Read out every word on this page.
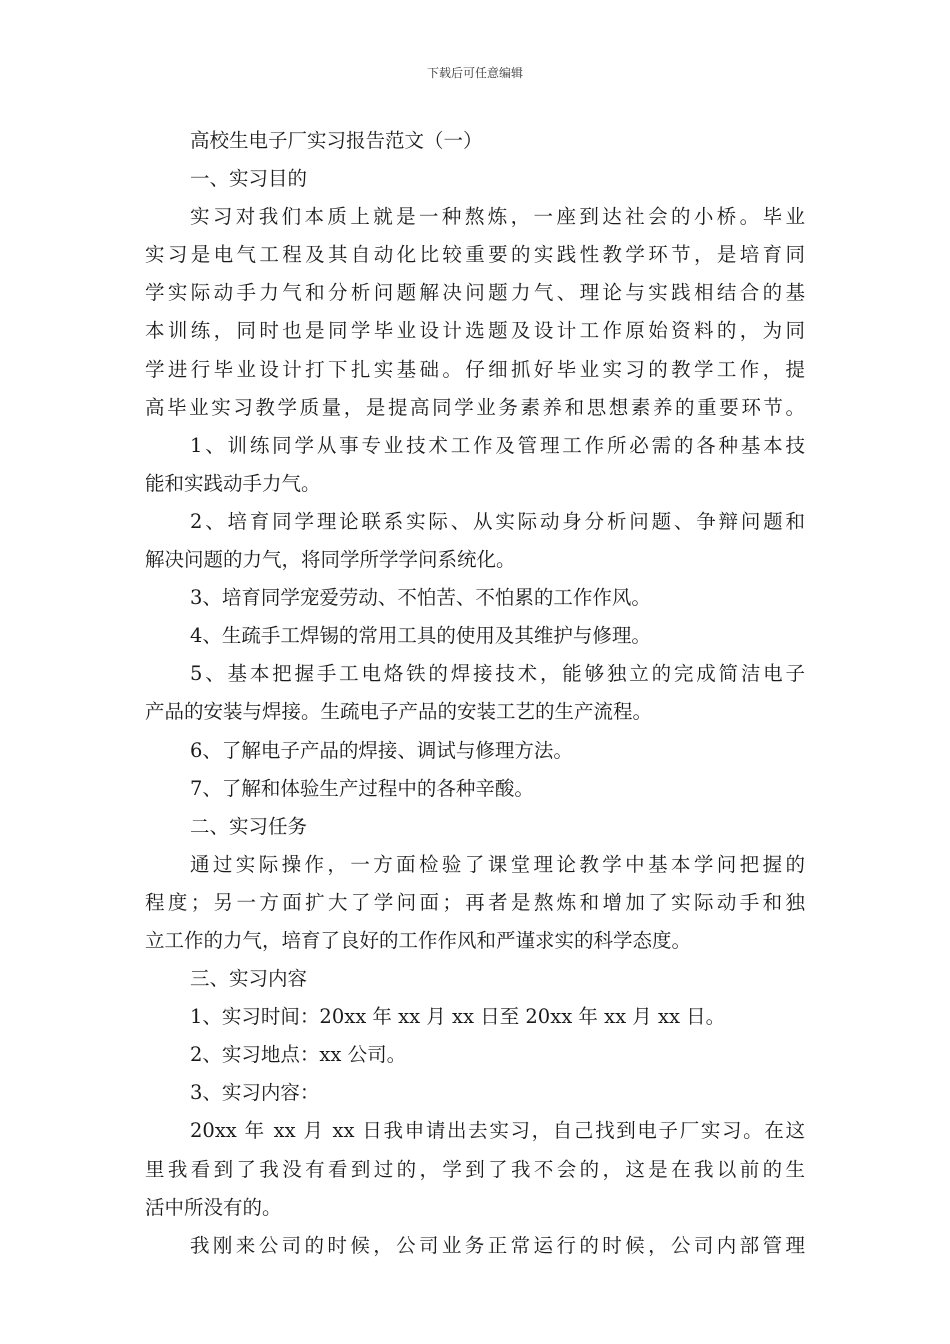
下载后可任意编辑
高校生电子厂实习报告范文（一）
一、实习目的
实习对我们本质上就是一种熬炼，一座到达社会的小桥。毕业
实习是电气工程及其自动化比较重要的实践性教学环节，是培育同
学实际动手力气和分析问题解决问题力气、理论与实践相结合的基
本训练，同时也是同学毕业设计选题及设计工作原始资料的，为同
学进行毕业设计打下扎实基础。仔细抓好毕业实习的教学工作，提
高毕业实习教学质量，是提高同学业务素养和思想素养的重要环节。
1、训练同学从事专业技术工作及管理工作所必需的各种基本技
能和实践动手力气。
2、培育同学理论联系实际、从实际动身分析问题、争辩问题和
解决问题的力气，将同学所学学问系统化。
3、培育同学宠爱劳动、不怕苦、不怕累的工作作风。
4、生疏手工焊锡的常用工具的使用及其维护与修理。
5、基本把握手工电烙铁的焊接技术，能够独立的完成简洁电子
产品的安装与焊接。生疏电子产品的安装工艺的生产流程。
6、了解电子产品的焊接、调试与修理方法。
7、了解和体验生产过程中的各种辛酸。
二、实习任务
通过实际操作，一方面检验了课堂理论教学中基本学问把握的
程度；另一方面扩大了学问面；再者是熬炼和增加了实际动手和独
立工作的力气，培育了良好的工作作风和严谨求实的科学态度。
三、实习内容
1、实习时间：20xx 年 xx 月 xx 日至 20xx 年 xx 月 xx 日。
2、实习地点：xx 公司。
3、实习内容：
20xx 年 xx 月 xx 日我申请出去实习，自己找到电子厂实习。在这
里我看到了我没有看到过的，学到了我不会的，这是在我以前的生
活中所没有的。
我刚来公司的时候，公司业务正常运行的时候，公司内部管理
